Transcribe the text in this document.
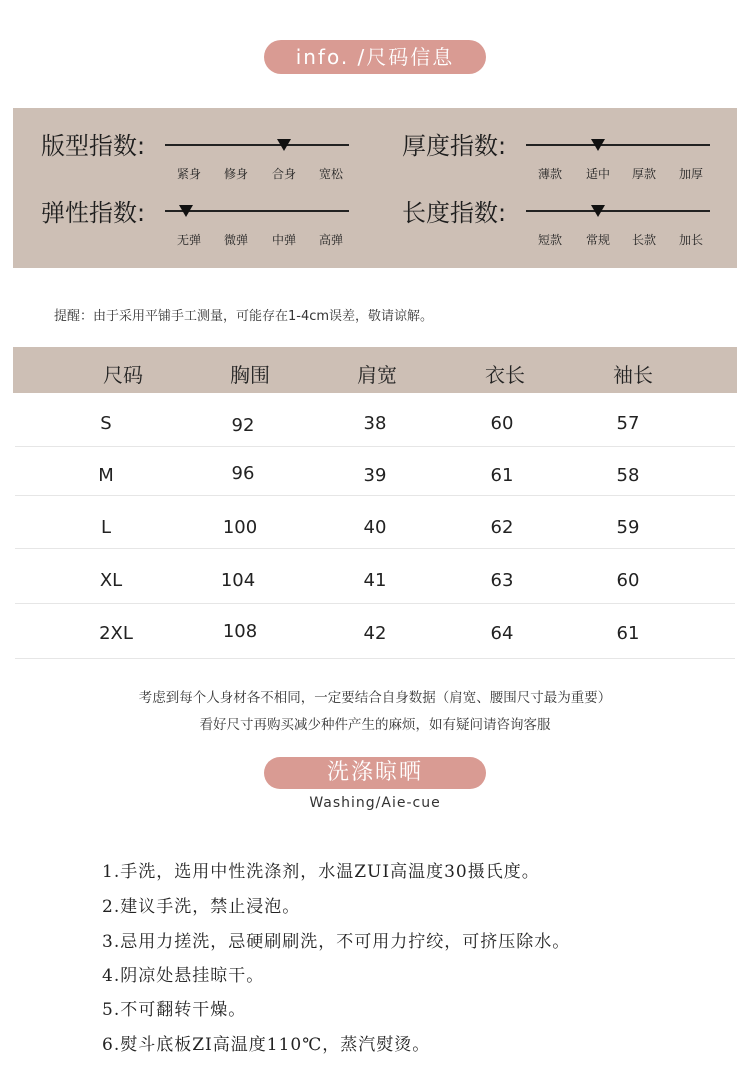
info. /尺码信息
版型指数:
紧身 修身 合身 宽松
厚度指数:
薄款 适中 厚款 加厚
弹性指数:
无弹 微弹 中弹 高弹
长度指数:
短款 常规 长款 加长
提醒：由于采用平铺手工测量，可能存在1-4cm误差，敬请谅解。
尺码	胸围	肩宽	衣长	袖长
S	92	38	60	57
M	96	39	61	58
L	100	40	62	59
XL	104	41	63	60
2XL	108	42	64	61
考虑到每个人身材各不相同，一定要结合自身数据（肩宽、腰围尺寸最为重要）
看好尺寸再购买减少种件产生的麻烦，如有疑问请咨询客服
洗涤晾晒
Washing/Aie-cue
1.手洗，选用中性洗涤剂，水温ZUI高温度30摄氏度。
2.建议手洗，禁止浸泡。
3.忌用力搓洗，忌硬刷刷洗，不可用力拧绞，可挤压除水。
4.阴凉处悬挂晾干。
5.不可翻转干燥。
6.熨斗底板ZI高温度110℃，蒸汽熨烫。
